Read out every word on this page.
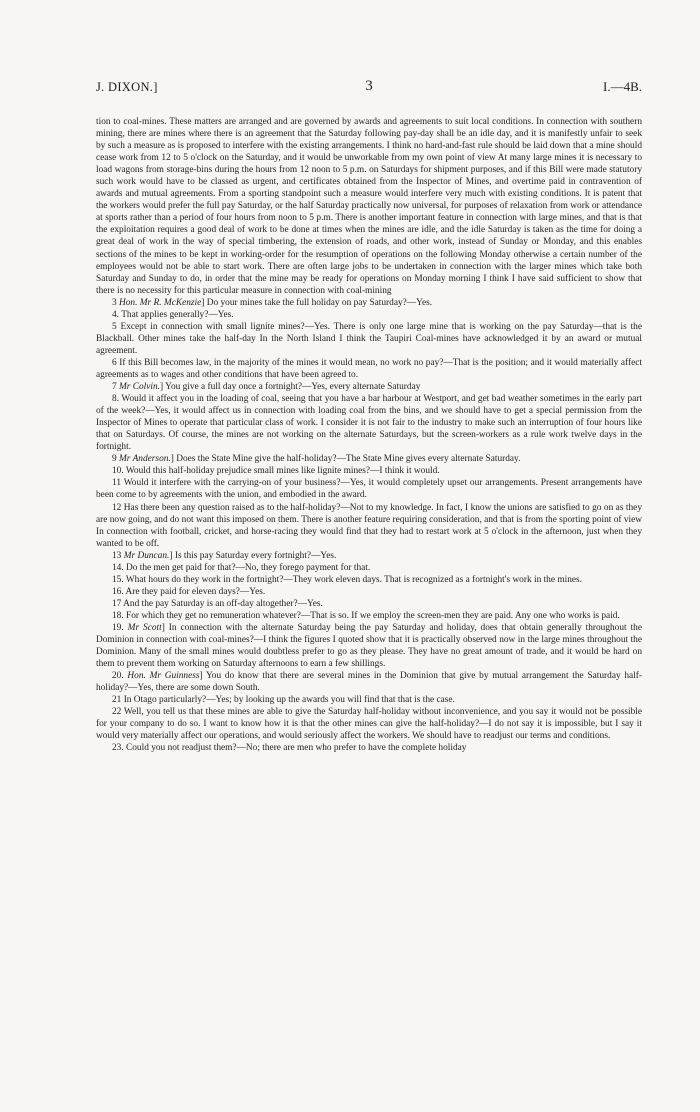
J. DIXON.]	3	I.—4B.

tion to coal-mines. These matters are arranged and are governed by awards and agreements to suit local conditions. In connection with southern mining, there are mines where there is an agreement that the Saturday following pay-day shall be an idle day, and it is manifestly unfair to seek by such a measure as is proposed to interfere with the existing arrangements. I think no hard-and-fast rule should be laid down that a mine should cease work from 12 to 5 o'clock on the Saturday, and it would be unworkable from my own point of view At many large mines it is necessary to load wagons from storage-bins during the hours from 12 noon to 5 p.m. on Saturdays for shipment purposes, and if this Bill were made statutory such work would have to be classed as urgent, and certificates obtained from the Inspector of Mines, and overtime paid in contravention of awards and mutual agreements. From a sporting standpoint such a measure would interfere very much with existing conditions. It is patent that the workers would prefer the full pay Saturday, or the half Saturday practically now universal, for purposes of relaxation from work or attendance at sports rather than a period of four hours from noon to 5 p.m. There is another important feature in connection with large mines, and that is that the exploitation requires a good deal of work to be done at times when the mines are idle, and the idle Saturday is taken as the time for doing a great deal of work in the way of special timbering, the extension of roads, and other work, instead of Sunday or Monday, and this enables sections of the mines to be kept in working-order for the resumption of operations on the following Monday otherwise a certain number of the employees would not be able to start work. There are often large jobs to be undertaken in connection with the larger mines which take both Saturday and Sunday to do, in order that the mine may be ready for operations on Monday morning I think I have said sufficient to show that there is no necessity for this particular measure in connection with coal-mining

3 Hon. Mr R. McKenzie] Do your mines take the full holiday on pay Saturday?—Yes.

4. That applies generally?—Yes.

5 Except in connection with small lignite mines?—Yes. There is only one large mine that is working on the pay Saturday—that is the Blackball. Other mines take the half-day In the North Island I think the Taupiri Coal-mines have acknowledged it by an award or mutual agreement.

6 If this Bill becomes law, in the majority of the mines it would mean, no work no pay?—That is the position; and it would materially affect agreements as to wages and other conditions that have been agreed to.

7 Mr Colvin.] You give a full day once a fortnight?—Yes, every alternate Saturday

8. Would it affect you in the loading of coal, seeing that you have a bar harbour at Westport, and get bad weather sometimes in the early part of the week?—Yes, it would affect us in connection with loading coal from the bins, and we should have to get a special permission from the Inspector of Mines to operate that particular class of work. I consider it is not fair to the industry to make such an interruption of four hours like that on Saturdays. Of course, the mines are not working on the alternate Saturdays, but the screen-workers as a rule work twelve days in the fortnight.

9 Mr Anderson.] Does the State Mine give the half-holiday?—The State Mine gives every alternate Saturday.

10. Would this half-holiday prejudice small mines like lignite mines?—I think it would.

11 Would it interfere with the carrying-on of your business?—Yes, it would completely upset our arrangements. Present arrangements have been come to by agreements with the union, and embodied in the award.

12 Has there been any question raised as to the half-holiday?—Not to my knowledge. In fact, I know the unions are satisfied to go on as they are now going, and do not want this imposed on them. There is another feature requiring consideration, and that is from the sporting point of view In connection with football, cricket, and horse-racing they would find that they had to restart work at 5 o'clock in the afternoon, just when they wanted to be off.

13 Mr Duncan.] Is this pay Saturday every fortnight?—Yes.

14. Do the men get paid for that?—No, they forego payment for that.

15. What hours do they work in the fortnight?—They work eleven days. That is recognized as a fortnight's work in the mines.

16. Are they paid for eleven days?—Yes.

17 And the pay Saturday is an off-day altogether?—Yes.

18. For which they get no remuneration whatever?—That is so. If we employ the screen-men they are paid. Any one who works is paid.

19. Mr Scott] In connection with the alternate Saturday being the pay Saturday and holiday, does that obtain generally throughout the Dominion in connection with coal-mines?—I think the figures I quoted show that it is practically observed now in the large mines throughout the Dominion. Many of the small mines would doubtless prefer to go as they please. They have no great amount of trade, and it would be hard on them to prevent them working on Saturday afternoons to earn a few shillings.

20. Hon. Mr Guinness] You do know that there are several mines in the Dominion that give by mutual arrangement the Saturday half-holiday?—Yes, there are some down South.

21 In Otago particularly?—Yes; by looking up the awards you will find that that is the case.

22 Well, you tell us that these mines are able to give the Saturday half-holiday without inconvenience, and you say it would not be possible for your company to do so. I want to know how it is that the other mines can give the half-holiday?—I do not say it is impossible, but I say it would very materially affect our operations, and would seriously affect the workers. We should have to readjust our terms and conditions.

23. Could you not readjust them?—No; there are men who prefer to have the complete holiday
